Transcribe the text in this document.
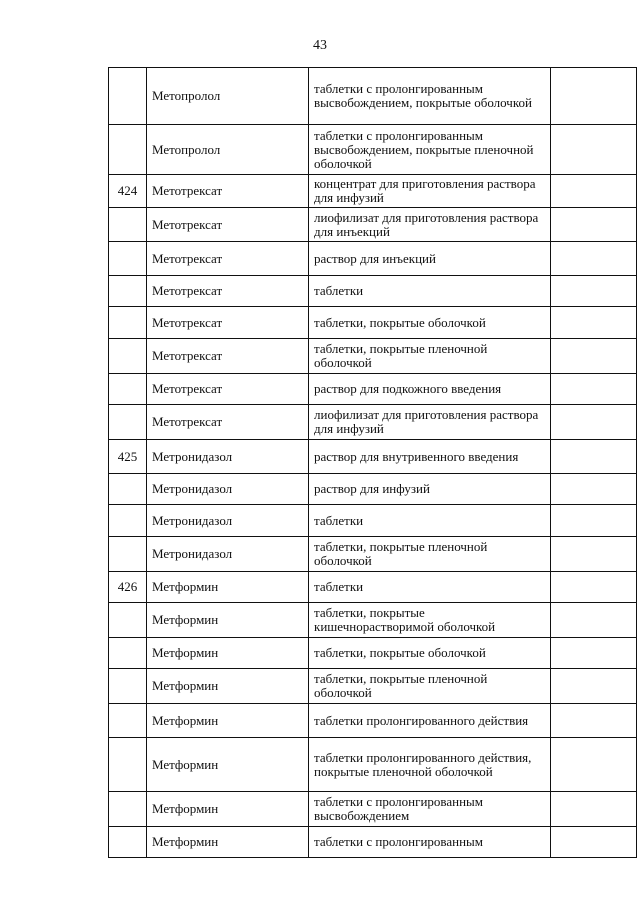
43
	Метопролол	таблетки с пролонгированным высвобождением, покрытые оболочкой	
	Метопролол	таблетки с пролонгированным высвобождением, покрытые пленочной оболочкой	
424	Метотрексат	концентрат для приготовления раствора для инфузий	
	Метотрексат	лиофилизат для приготовления раствора для инъекций	
	Метотрексат	раствор для инъекций	
	Метотрексат	таблетки	
	Метотрексат	таблетки, покрытые оболочкой	
	Метотрексат	таблетки, покрытые пленочной оболочкой	
	Метотрексат	раствор для подкожного введения	
	Метотрексат	лиофилизат для приготовления раствора для инфузий	
425	Метронидазол	раствор для внутривенного введения	
	Метронидазол	раствор для инфузий	
	Метронидазол	таблетки	
	Метронидазол	таблетки, покрытые пленочной оболочкой	
426	Метформин	таблетки	
	Метформин	таблетки, покрытые кишечнорастворимой оболочкой	
	Метформин	таблетки, покрытые оболочкой	
	Метформин	таблетки, покрытые пленочной оболочкой	
	Метформин	таблетки пролонгированного действия	
	Метформин	таблетки пролонгированного действия, покрытые пленочной оболочкой	
	Метформин	таблетки с пролонгированным высвобождением	
	Метформин	таблетки с пролонгированным	
